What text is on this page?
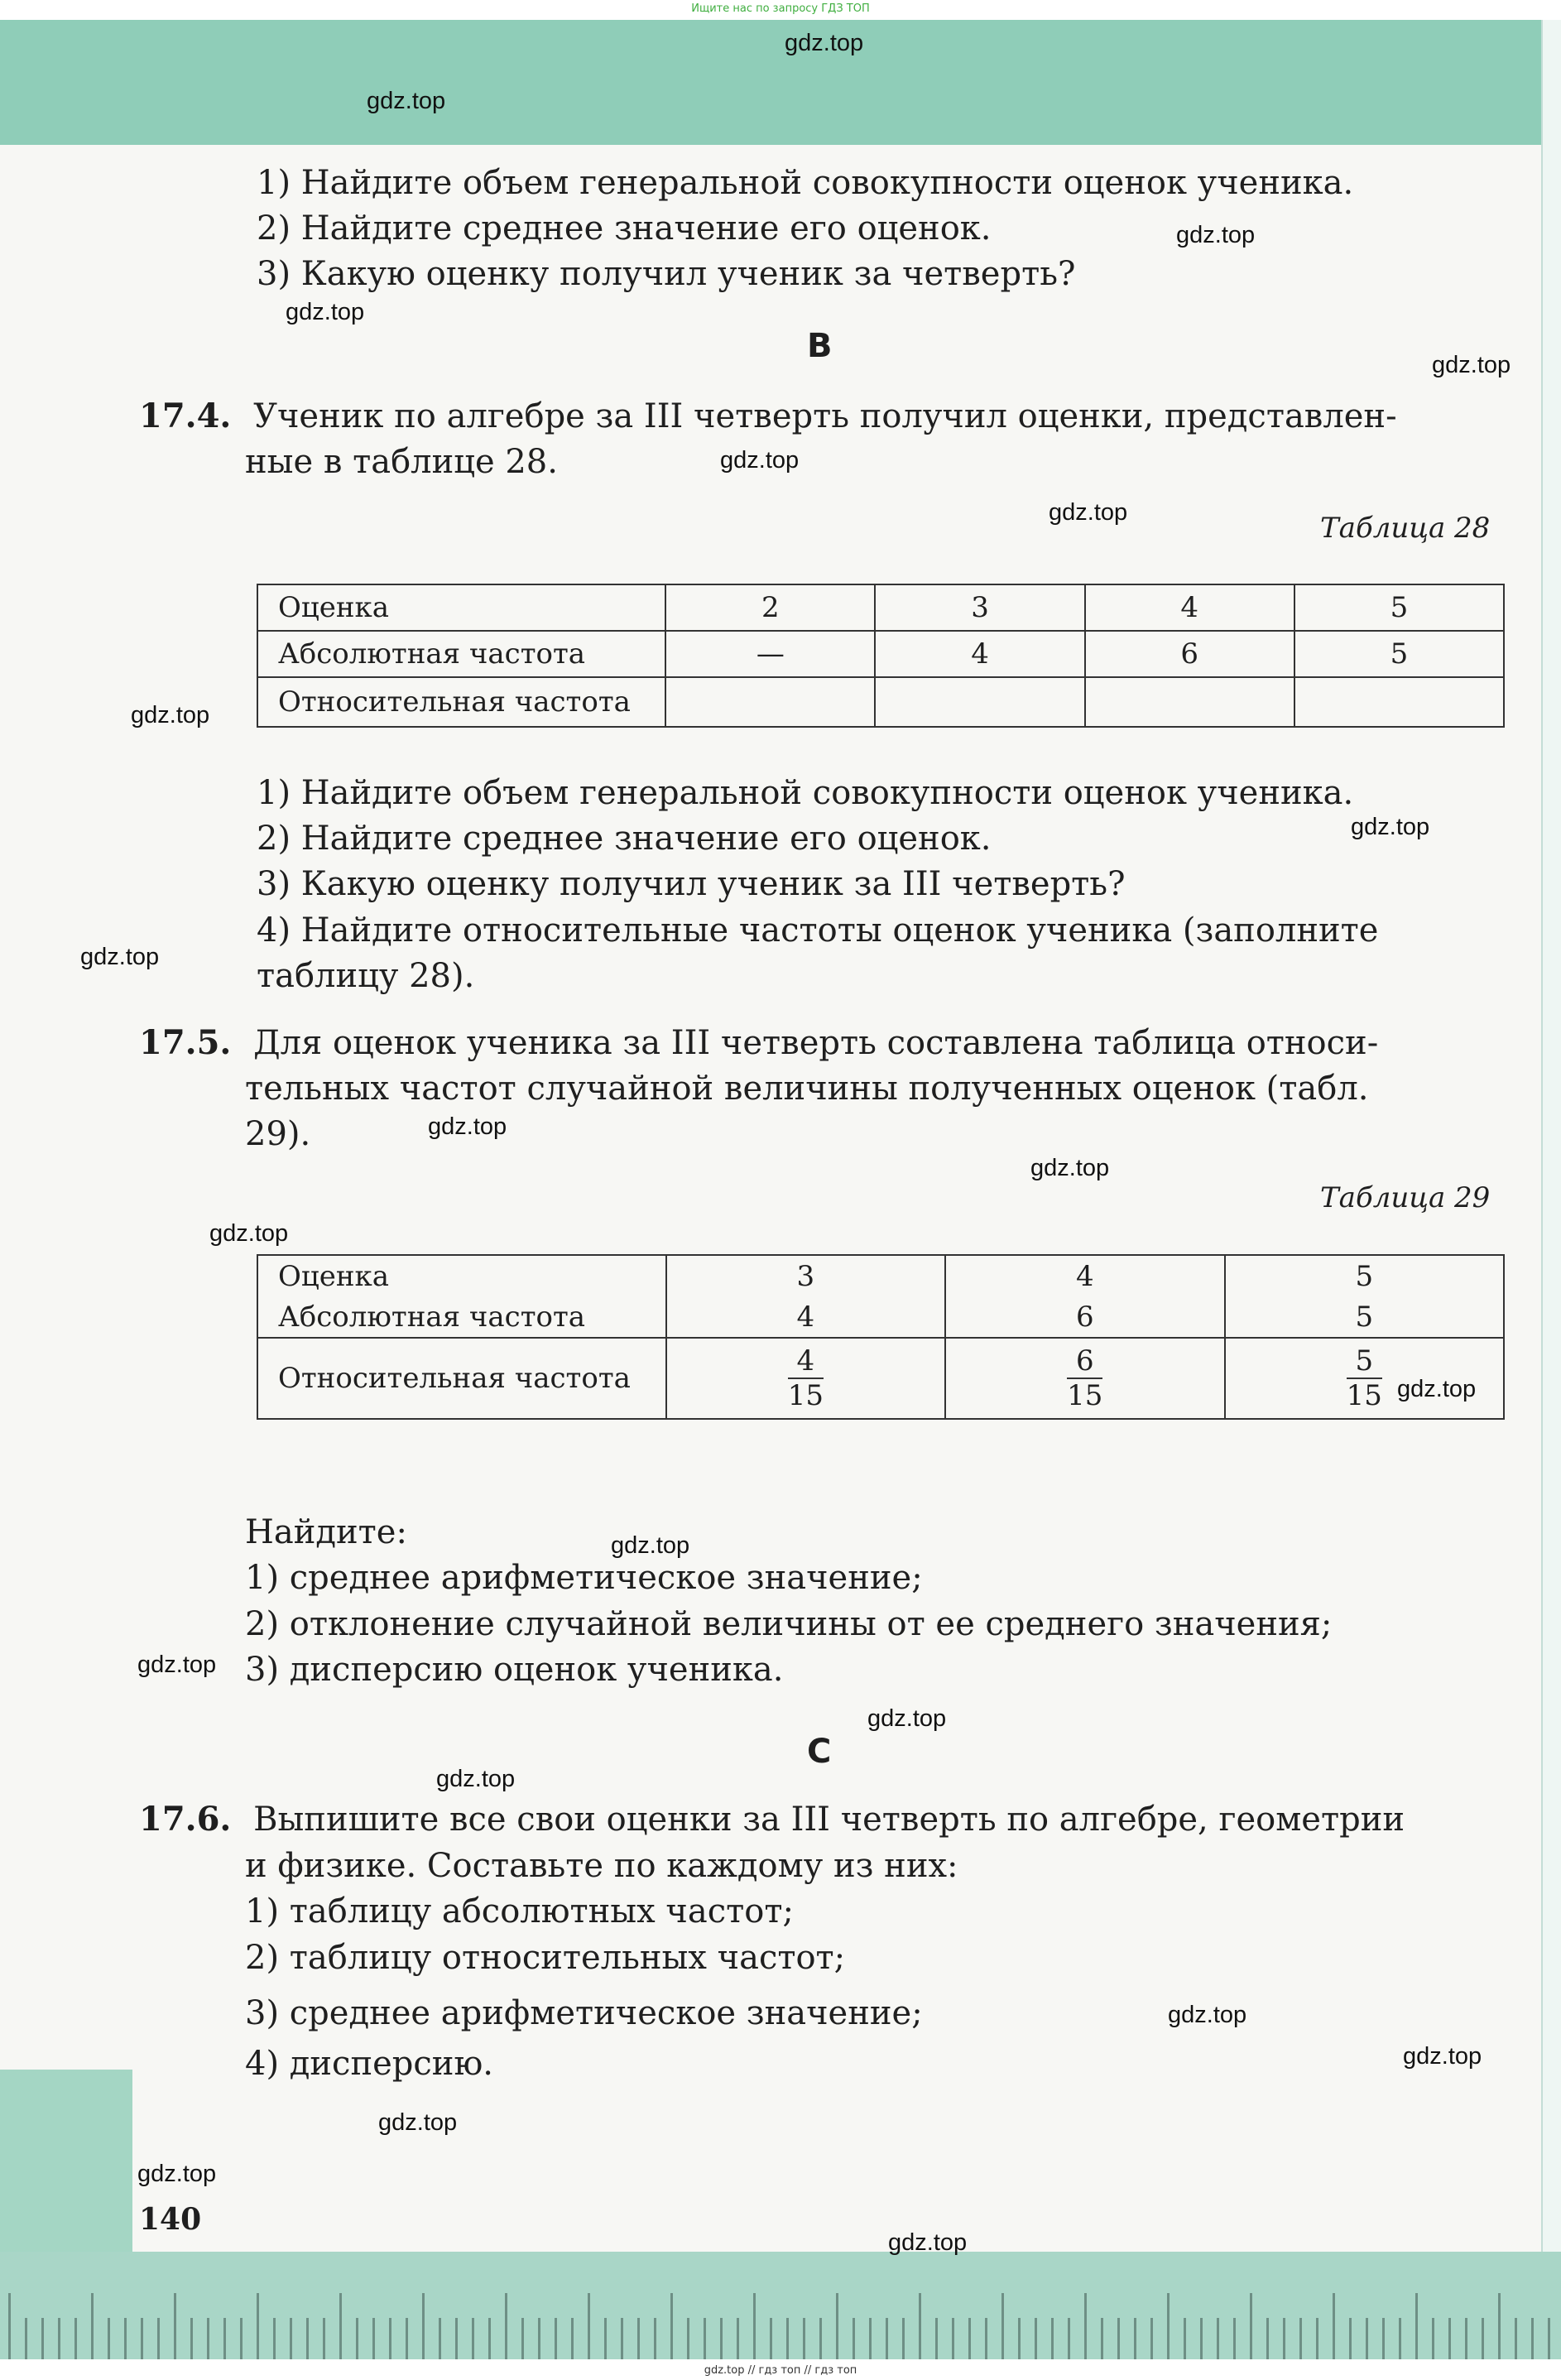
Ищите нас по запросу ГДЗ ТОП
gdz.top // гдз топ // гдз топ
gdz.top
gdz.top
gdz.top
gdz.top
gdz.top
gdz.top
gdz.top
gdz.top
gdz.top
gdz.top
gdz.top
gdz.top
gdz.top
gdz.top
gdz.top
gdz.top
gdz.top
gdz.top
gdz.top
gdz.top
gdz.top
gdz.top
gdz.top
1) Найдите объем генеральной совокупности оценок ученика.
2) Найдите среднее значение его оценок.
3) Какую оценку получил ученик за четверть?
B
17.4. Ученик по алгебре за III четверть получил оценки, представлен-
ные в таблице 28.
Таблица 28
Оценка	2	3	4	5
Абсолютная частота	—	4	6	5
Относительная частота				
1) Найдите объем генеральной совокупности оценок ученика.
2) Найдите среднее значение его оценок.
3) Какую оценку получил ученик за III четверть?
4) Найдите относительные частоты оценок ученика (заполните
таблицу 28).
17.5. Для оценок ученика за III четверть составлена таблица относи-
тельных частот случайной величины полученных оценок (табл.
29).
Таблица 29
Оценка	3	4	5
Абсолютная частота	4	6	5
Относительная частота	$\frac{4}{15}$	$\frac{6}{15}$	$\frac{5}{15}$
Найдите:
1) среднее арифметическое значение;
2) отклонение случайной величины от ее среднего значения;
3) дисперсию оценок ученика.
C
17.6. Выпишите все свои оценки за III четверть по алгебре, геометрии
и физике. Составьте по каждому из них:
1) таблицу абсолютных частот;
2) таблицу относительных частот;
3) среднее арифметическое значение;
4) дисперсию.
140
